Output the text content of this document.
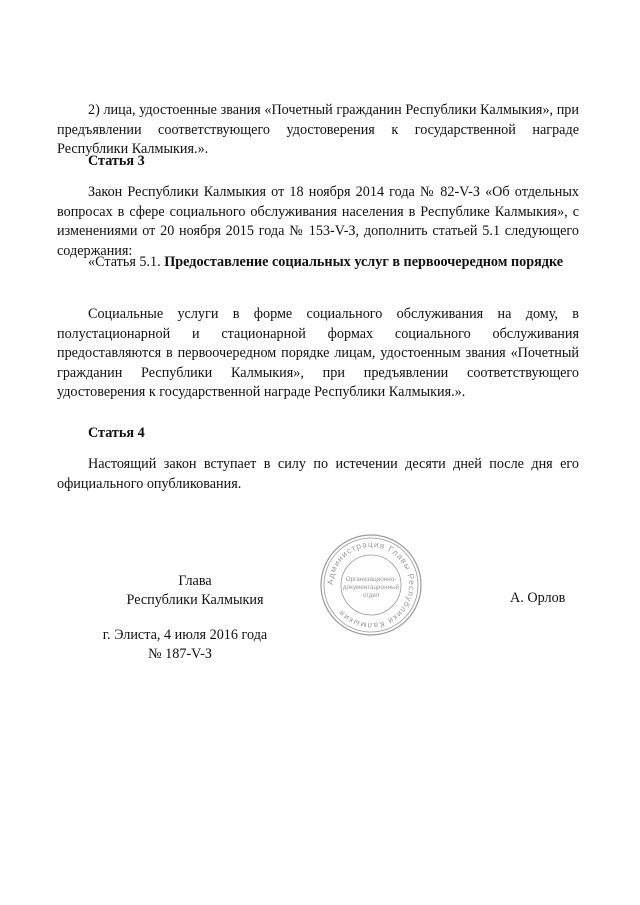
2) лица, удостоенные звания «Почетный гражданин Республики Калмыкия», при предъявлении соответствующего удостоверения к государственной награде Республики Калмыкия.».

Статья 3

Закон Республики Калмыкия от 18 ноября 2014 года № 82-V-З «Об отдельных вопросах в сфере социального обслуживания населения в Республике Калмыкия», с изменениями от 20 ноября 2015 года № 153-V-З, дополнить статьей 5.1 следующего содержания:

«Статья 5.1. Предоставление социальных услуг в первоочередном порядке

Социальные услуги в форме социального обслуживания на дому, в полустационарной и стационарной формах социального обслуживания предоставляются в первоочередном порядке лицам, удостоенным звания «Почетный гражданин Республики Калмыкия», при предъявлении соответствующего удостоверения к государственной награде Республики Калмыкия.».

Статья 4

Настоящий закон вступает в силу по истечении десяти дней после дня его официального опубликования.

Глава
Республики Калмыкия	А. Орлов
Администрация Главы Республики Калмыкия
Организационно-
документационный
отдел
г. Элиста, 4 июля 2016 года
№ 187-V-З
